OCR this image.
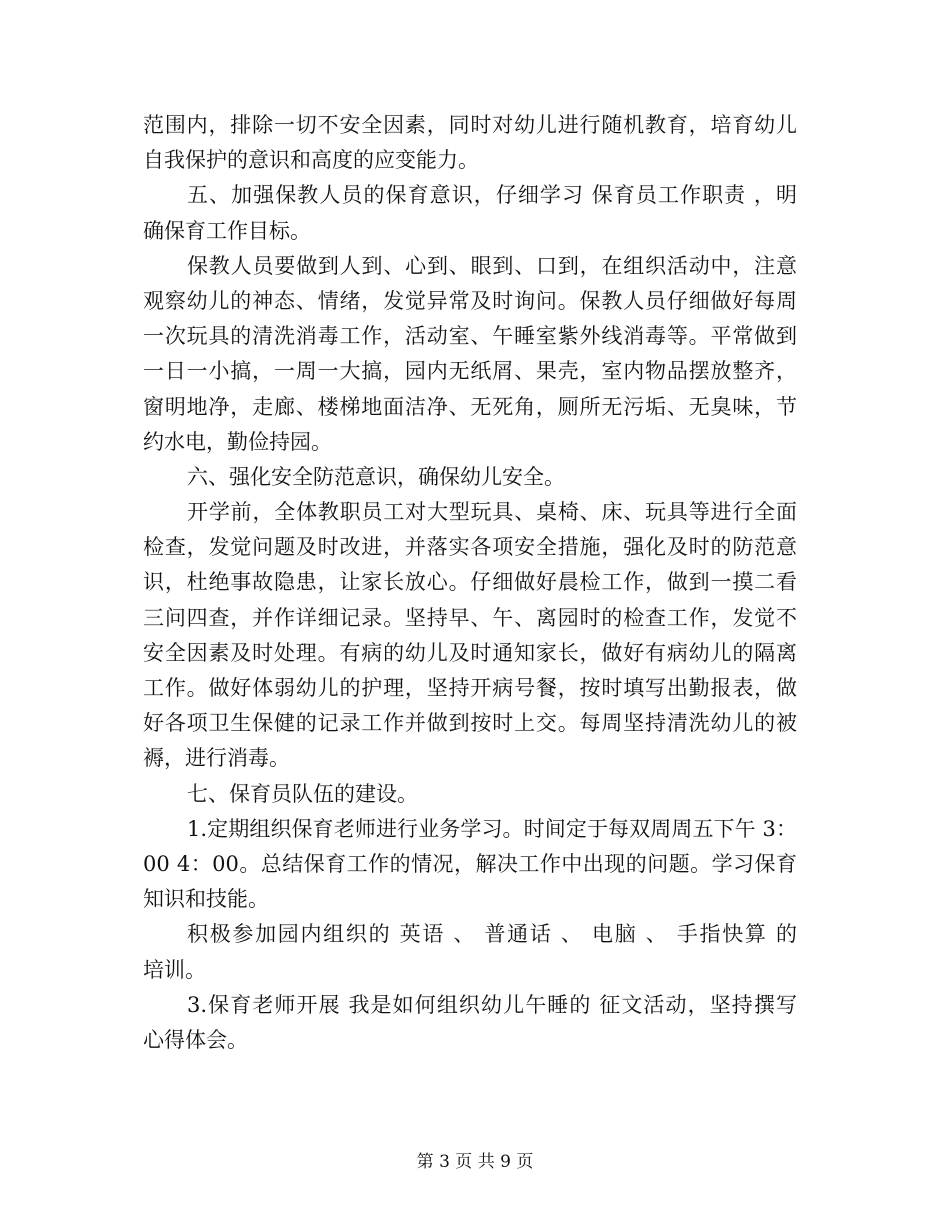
范围内，排除一切不安全因素，同时对幼儿进行随机教育，培育幼儿
自我保护的意识和高度的应变能力。
五、加强保教人员的保育意识，仔细学习 保育员工作职责 ，明
确保育工作目标。
保教人员要做到人到、心到、眼到、口到，在组织活动中，注意
观察幼儿的神态、情绪，发觉异常及时询问。保教人员仔细做好每周
一次玩具的清洗消毒工作，活动室、午睡室紫外线消毒等。平常做到
一日一小搞，一周一大搞，园内无纸屑、果壳，室内物品摆放整齐，
窗明地净，走廊、楼梯地面洁净、无死角，厕所无污垢、无臭味，节
约水电，勤俭持园。
六、强化安全防范意识，确保幼儿安全。
开学前，全体教职员工对大型玩具、桌椅、床、玩具等进行全面
检查，发觉问题及时改进，并落实各项安全措施，强化及时的防范意
识，杜绝事故隐患，让家长放心。仔细做好晨检工作，做到一摸二看
三问四查，并作详细记录。坚持早、午、离园时的检查工作，发觉不
安全因素及时处理。有病的幼儿及时通知家长，做好有病幼儿的隔离
工作。做好体弱幼儿的护理，坚持开病号餐，按时填写出勤报表，做
好各项卫生保健的记录工作并做到按时上交。每周坚持清洗幼儿的被
褥，进行消毒。
七、保育员队伍的建设。
1.定期组织保育老师进行业务学习。时间定于每双周周五下午 3：
00 4：00。总结保育工作的情况，解决工作中出现的问题。学习保育
知识和技能。
积极参加园内组织的 英语 、 普通话 、 电脑 、 手指快算 的
培训。
3.保育老师开展 我是如何组织幼儿午睡的 征文活动，坚持撰写
心得体会。
第 3 页 共 9 页
